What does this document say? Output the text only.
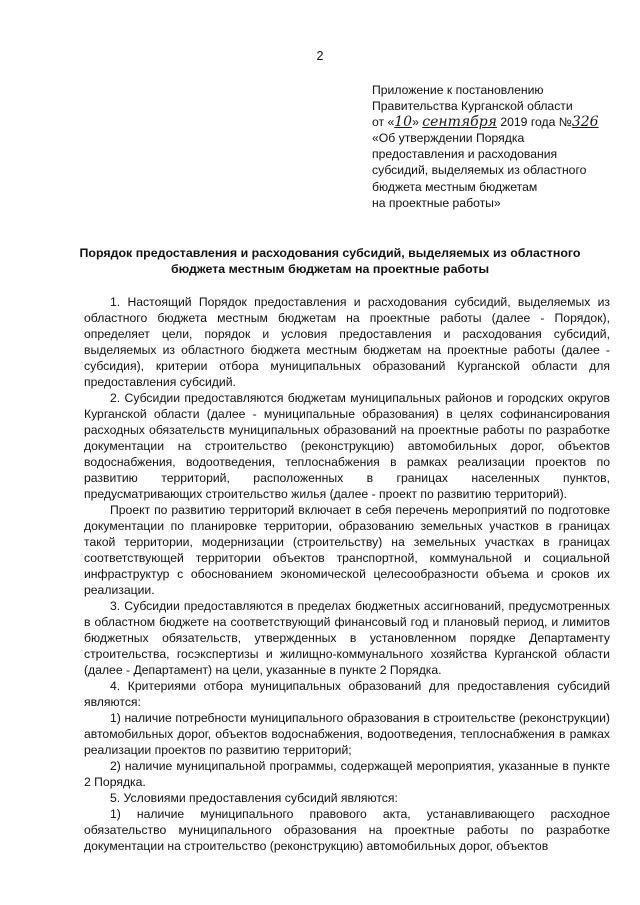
2
Приложение к постановлению
Правительства Курганской области
от «10» сентября 2019 года №326
«Об утверждении Порядка
предоставления и расходования
субсидий, выделяемых из областного
бюджета местным бюджетам
на проектные работы»
Порядок предоставления и расходования субсидий, выделяемых из областного бюджета местным бюджетам на проектные работы

1. Настоящий Порядок предоставления и расходования субсидий, выделяемых из областного бюджета местным бюджетам на проектные работы (далее - Порядок), определяет цели, порядок и условия предоставления и расходования субсидий, выделяемых из областного бюджета местным бюджетам на проектные работы (далее - субсидия), критерии отбора муниципальных образований Курганской области для предоставления субсидий.

2. Субсидии предоставляются бюджетам муниципальных районов и городских округов Курганской области (далее - муниципальные образования) в целях софинансирования расходных обязательств муниципальных образований на проектные работы по разработке документации на строительство (реконструкцию) автомобильных дорог, объектов водоснабжения, водоотведения, теплоснабжения в рамках реализации проектов по развитию территорий, расположенных в границах населенных пунктов, предусматривающих строительство жилья (далее - проект по развитию территорий).

Проект по развитию территорий включает в себя перечень мероприятий по подготовке документации по планировке территории, образованию земельных участков в границах такой территории, модернизации (строительству) на земельных участках в границах соответствующей территории объектов транспортной, коммунальной и социальной инфраструктур с обоснованием экономической целесообразности объема и сроков их реализации.

3. Субсидии предоставляются в пределах бюджетных ассигнований, предусмотренных в областном бюджете на соответствующий финансовый год и плановый период, и лимитов бюджетных обязательств, утвержденных в установленном порядке Департаменту строительства, госэкспертизы и жилищно-коммунального хозяйства Курганской области (далее - Департамент) на цели, указанные в пункте 2 Порядка.

4. Критериями отбора муниципальных образований для предоставления субсидий являются:

1) наличие потребности муниципального образования в строительстве (реконструкции) автомобильных дорог, объектов водоснабжения, водоотведения, теплоснабжения в рамках реализации проектов по развитию территорий;

2) наличие муниципальной программы, содержащей мероприятия, указанные в пункте 2 Порядка.

5. Условиями предоставления субсидий являются:

1) наличие муниципального правового акта, устанавливающего расходное обязательство муниципального образования на проектные работы по разработке документации на строительство (реконструкцию) автомобильных дорог, объектов
